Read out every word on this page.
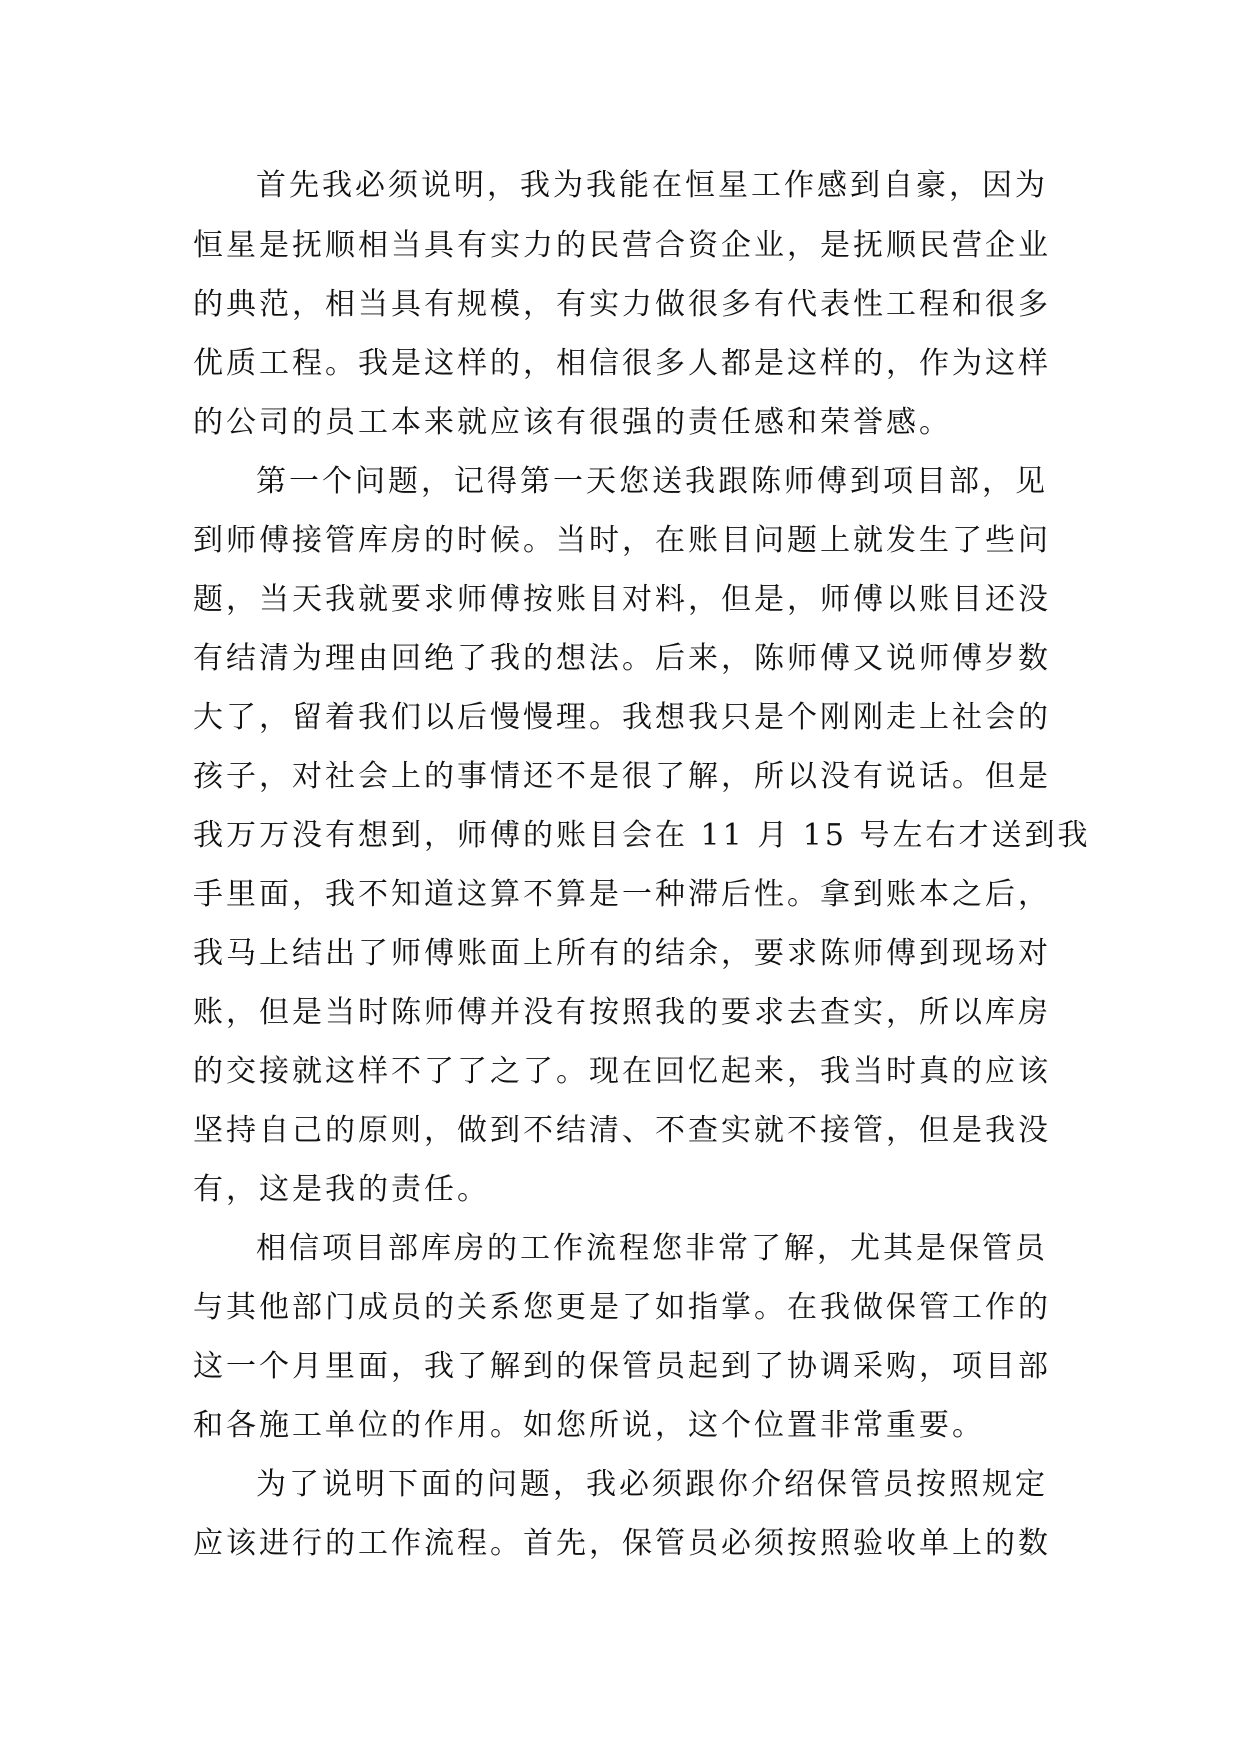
首先我必须说明，我为我能在恒星工作感到自豪，因为
恒星是抚顺相当具有实力的民营合资企业，是抚顺民营企业
的典范，相当具有规模，有实力做很多有代表性工程和很多
优质工程。我是这样的，相信很多人都是这样的，作为这样
的公司的员工本来就应该有很强的责任感和荣誉感。
第一个问题，记得第一天您送我跟陈师傅到项目部，见
到师傅接管库房的时候。当时，在账目问题上就发生了些问
题，当天我就要求师傅按账目对料，但是，师傅以账目还没
有结清为理由回绝了我的想法。后来，陈师傅又说师傅岁数
大了，留着我们以后慢慢理。我想我只是个刚刚走上社会的
孩子，对社会上的事情还不是很了解，所以没有说话。但是
我万万没有想到，师傅的账目会在 11 月 15 号左右才送到我
手里面，我不知道这算不算是一种滞后性。拿到账本之后，
我马上结出了师傅账面上所有的结余，要求陈师傅到现场对
账，但是当时陈师傅并没有按照我的要求去查实，所以库房
的交接就这样不了了之了。现在回忆起来，我当时真的应该
坚持自己的原则，做到不结清、不查实就不接管，但是我没
有，这是我的责任。
相信项目部库房的工作流程您非常了解，尤其是保管员
与其他部门成员的关系您更是了如指掌。在我做保管工作的
这一个月里面，我了解到的保管员起到了协调采购，项目部
和各施工单位的作用。如您所说，这个位置非常重要。
为了说明下面的问题，我必须跟你介绍保管员按照规定
应该进行的工作流程。首先，保管员必须按照验收单上的数
